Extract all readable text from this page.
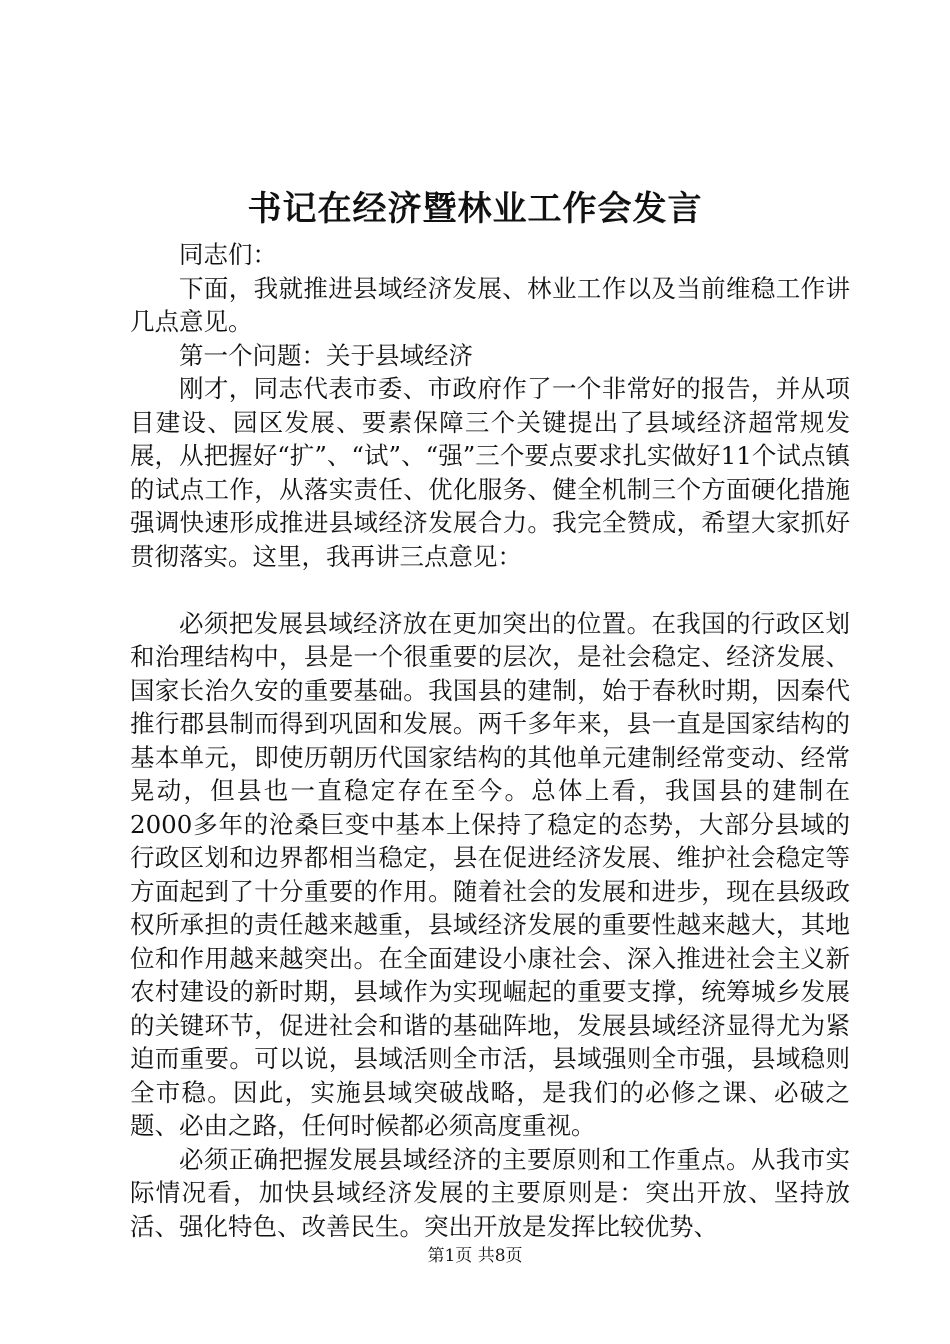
书记在经济暨林业工作会发言

同志们：

下面，我就推进县域经济发展、林业工作以及当前维稳工作讲几点意见。

第一个问题：关于县域经济

刚才，同志代表市委、市政府作了一个非常好的报告，并从项目建设、园区发展、要素保障三个关键提出了县域经济超常规发展，从把握好“扩”、“试”、“强”三个要点要求扎实做好11个试点镇的试点工作，从落实责任、优化服务、健全机制三个方面硬化措施强调快速形成推进县域经济发展合力。我完全赞成，希望大家抓好贯彻落实。这里，我再讲三点意见：

必须把发展县域经济放在更加突出的位置。在我国的行政区划和治理结构中，县是一个很重要的层次，是社会稳定、经济发展、国家长治久安的重要基础。我国县的建制，始于春秋时期，因秦代推行郡县制而得到巩固和发展。两千多年来，县一直是国家结构的基本单元，即使历朝历代国家结构的其他单元建制经常变动、经常晃动，但县也一直稳定存在至今。总体上看，我国县的建制在2000多年的沧桑巨变中基本上保持了稳定的态势，大部分县域的行政区划和边界都相当稳定，县在促进经济发展、维护社会稳定等方面起到了十分重要的作用。随着社会的发展和进步，现在县级政权所承担的责任越来越重，县域经济发展的重要性越来越大，其地位和作用越来越突出。在全面建设小康社会、深入推进社会主义新农村建设的新时期，县域作为实现崛起的重要支撑，统筹城乡发展的关键环节，促进社会和谐的基础阵地，发展县域经济显得尤为紧迫而重要。可以说，县域活则全市活，县域强则全市强，县域稳则全市稳。因此，实施县域突破战略，是我们的必修之课、必破之题、必由之路，任何时候都必须高度重视。

必须正确把握发展县域经济的主要原则和工作重点。从我市实际情况看，加快县域经济发展的主要原则是：突出开放、坚持放活、强化特色、改善民生。突出开放是发挥比较优势、

第1页 共8页
